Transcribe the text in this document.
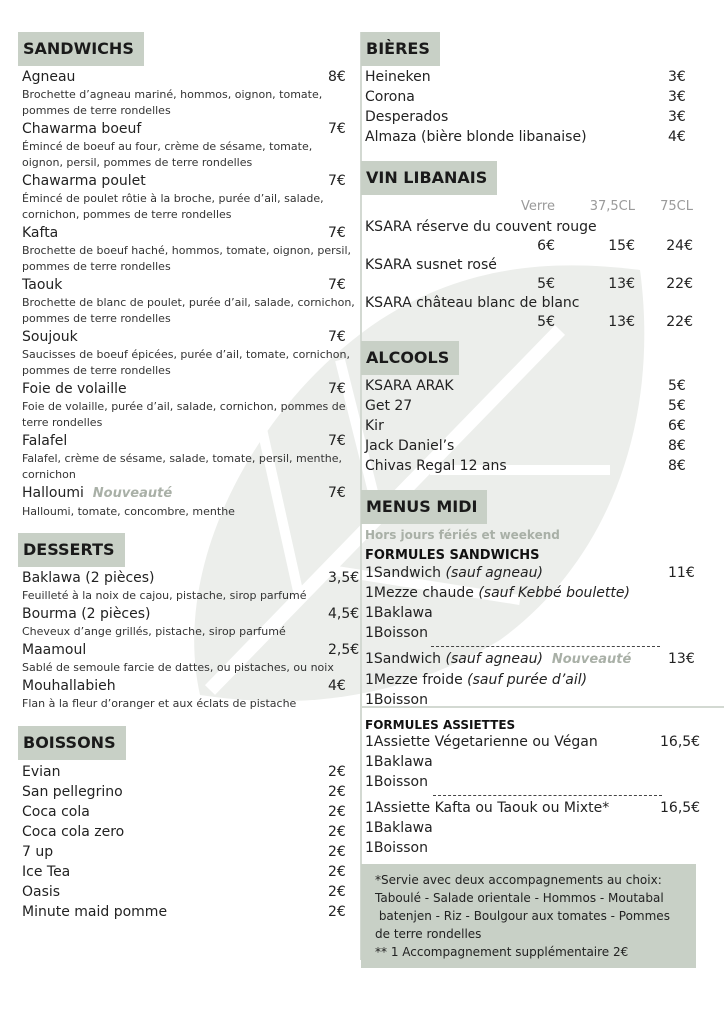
SANDWICHS
Agneau	8€
Brochette d’agneau mariné, hommos, oignon, tomate, pommes de terre rondelles
Chawarma boeuf	7€
Émincé de boeuf au four, crème de sésame, tomate, oignon, persil, pommes de terre rondelles
Chawarma poulet	7€
Émincé de poulet rôtie à la broche, purée d’ail, salade, cornichon, pommes de terre rondelles
Kafta	7€
Brochette de boeuf haché, hommos, tomate, oignon, persil, pommes de terre rondelles
Taouk	7€
Brochette de blanc de poulet, purée d’ail, salade, cornichon, pommes de terre rondelles
Soujouk	7€
Saucisses de boeuf épicées, purée d’ail, tomate, cornichon, pommes de terre rondelles
Foie de volaille	7€
Foie de volaille, purée d’ail, salade, cornichon, pommes de terre rondelles
Falafel	7€
Falafel, crème de sésame, salade, tomate, persil, menthe, cornichon
Halloumi Nouveauté	7€
Halloumi, tomate, concombre, menthe
DESSERTS
Baklawa (2 pièces)	3,5€
Feuilleté à la noix de cajou, pistache, sirop parfumé
Bourma (2 pièces)	4,5€
Cheveux d’ange grillés, pistache, sirop parfumé
Maamoul	2,5€
Sablé de semoule farcie de dattes, ou pistaches, ou noix
Mouhallabieh	4€
Flan à la fleur d’oranger et aux éclats de pistache
BOISSONS
Evian	2€
San pellegrino	2€
Coca cola	2€
Coca cola zero	2€
7 up	2€
Ice Tea	2€
Oasis	2€
Minute maid pomme	2€
BIÈRES
Heineken	3€
Corona	3€
Desperados	3€
Almaza (bière blonde libanaise)	4€
VIN LIBANAIS
Verre	37,5CL	75CL
KSARA réserve du couvent rouge
6€	15€	24€
KSARA susnet rosé
5€	13€	22€
KSARA château blanc de blanc
5€	13€	22€
ALCOOLS
KSARA ARAK	5€
Get 27	5€
Kir	6€
Jack Daniel’s	8€
Chivas Regal 12 ans	8€
MENUS MIDI
Hors jours fériés et weekend
FORMULES SANDWICHS
1Sandwich (sauf agneau)	11€
1Mezze chaude (sauf Kebbé boulette)
1Baklawa
1Boisson
1Sandwich (sauf agneau) Nouveauté	13€
1Mezze froide (sauf purée d’ail)
1Boisson
FORMULES ASSIETTES
1Assiette Végetarienne ou Végan	16,5€
1Baklawa
1Boisson
1Assiette Kafta ou Taouk ou Mixte*	16,5€
1Baklawa
1Boisson
*Servie avec deux accompagnements au choix:
Taboulé - Salade orientale - Hommos - Moutabal
batenjen - Riz - Boulgour aux tomates - Pommes
de terre rondelles
** 1 Accompagnement supplémentaire 2€
